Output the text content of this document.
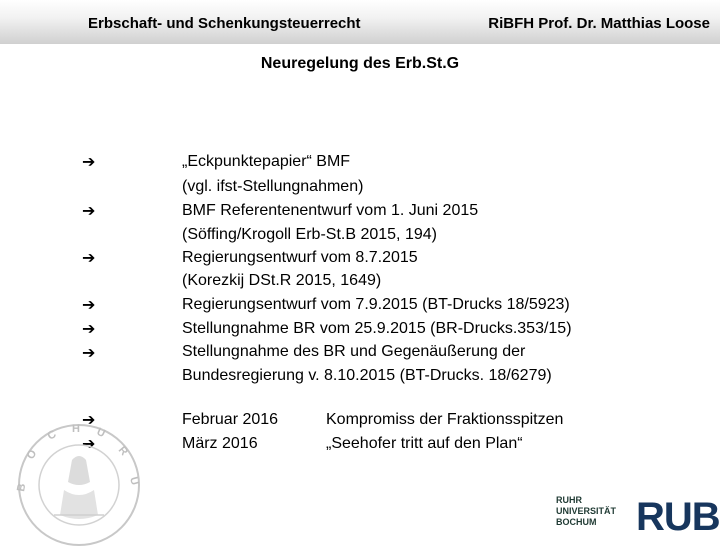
Erbschaft- und Schenkungsteuerrecht	RiBFH Prof. Dr. Matthias Loose
Neuregelung des Erb.St.G
➔
➔
➔
➔
➔
➔
➔
➔
„Eckpunktepapier“ BMF
(vgl. ifst-Stellungnahmen)
BMF Referentenentwurf vom 1. Juni 2015
(Söffing/Krogoll Erb-St.B 2015, 194)
Regierungsentwurf vom 8.7.2015
(Korezkij DSt.R 2015, 1649)
Regierungsentwurf vom 7.9.2015 (BT-Drucks 18/5923)
Stellungnahme BR vom 25.9.2015 (BR-Drucks.353/15)
Stellungnahme des BR und Gegenäußerung der
Bundesregierung v. 8.10.2015 (BT-Drucks. 18/6279)
Februar 2016
März 2016
Kompromiss der Fraktionsspitzen
„Seehofer tritt auf den Plan“
B
O
C H U
R
U
RUHR
UNIVERSITÄT
BOCHUM RUB
